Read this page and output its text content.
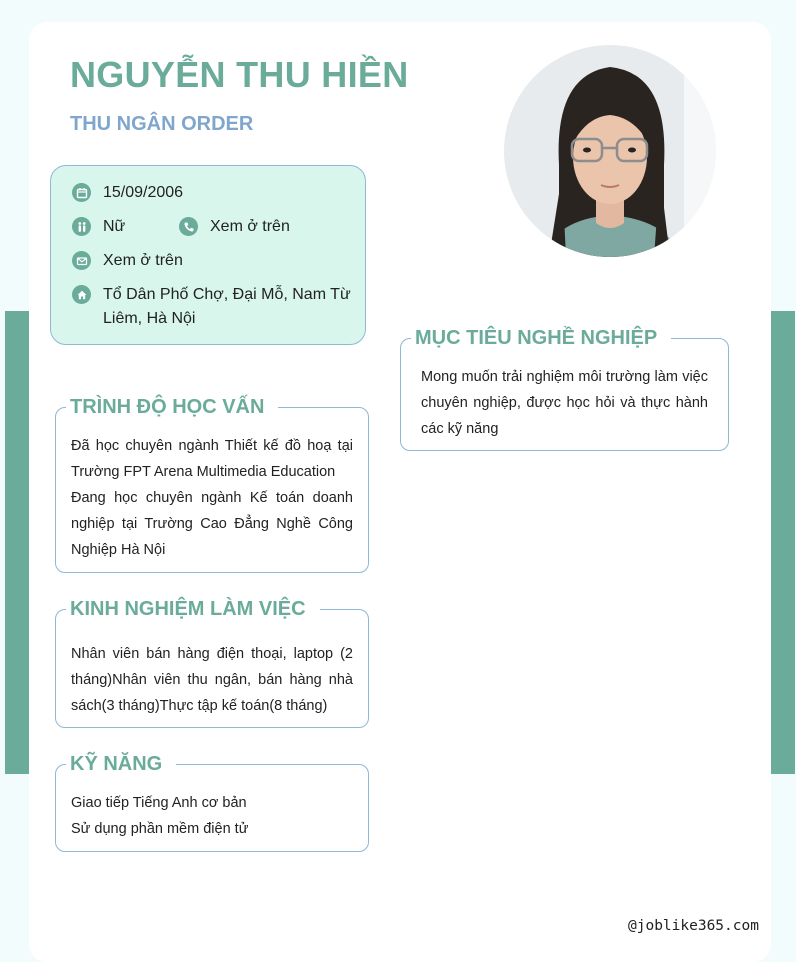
NGUYỄN THU HIỀN
THU NGÂN ORDER
15/09/2006
Nữ	Xem ở trên
Xem ở trên
Tổ Dân Phố Chợ, Đại Mỗ, Nam Từ Liêm, Hà Nội
MỤC TIÊU NGHỀ NGHIỆP

Mong muốn trải nghiệm môi trường làm việc chuyên nghiệp, được học hỏi và thực hành các kỹ năng

TRÌNH ĐỘ HỌC VẤN

Đã học chuyên ngành Thiết kế đồ hoạ tại Trường FPT Arena Multimedia Education

Đang học chuyên ngành Kế toán doanh nghiệp tại Trường Cao Đẳng Nghề Công Nghiệp Hà Nội

KINH NGHIỆM LÀM VIỆC

Nhân viên bán hàng điện thoại, laptop (2 tháng)Nhân viên thu ngân, bán hàng nhà sách(3 tháng)Thực tập kế toán(8 tháng)

KỸ NĂNG

Giao tiếp Tiếng Anh cơ bản

Sử dụng phần mềm điện tử

@joblike365.com
